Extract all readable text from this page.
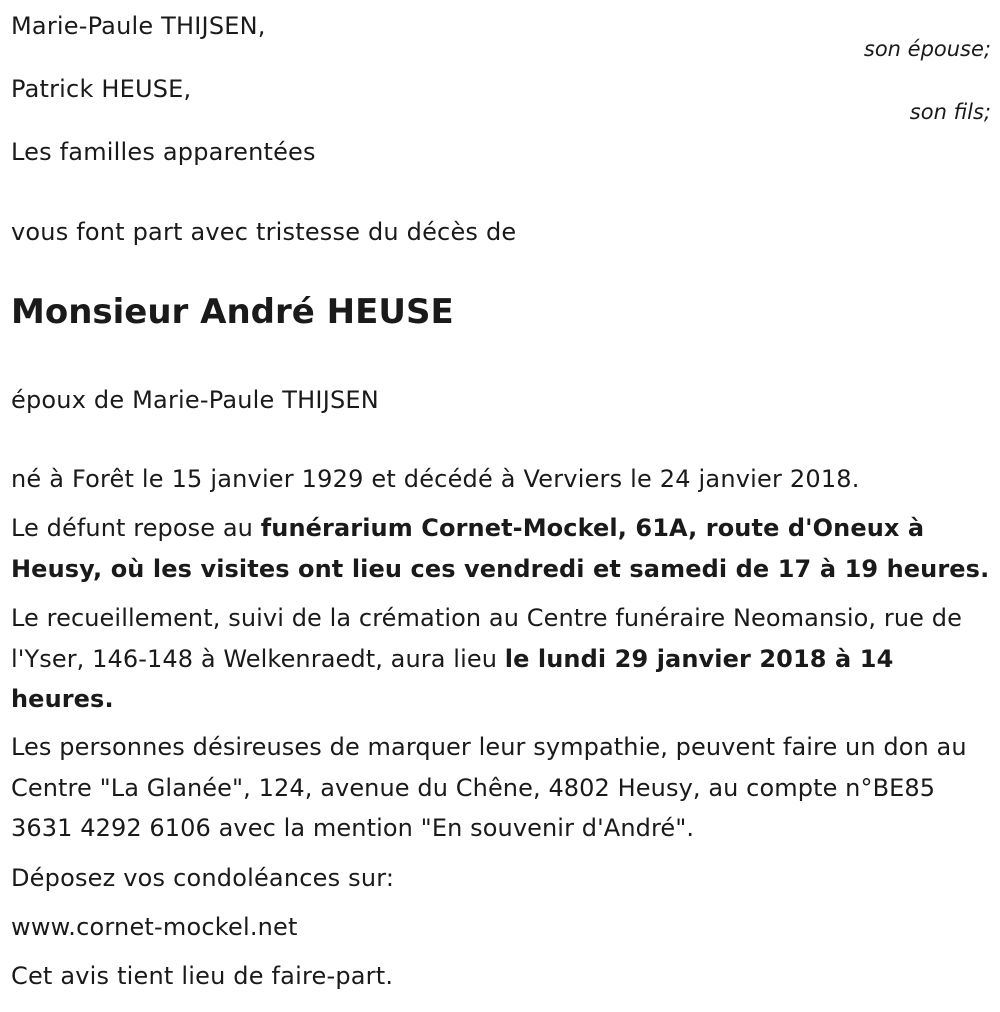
Marie-Paule THIJSEN,
son épouse;
Patrick HEUSE,
son fils;
Les familles apparentées
vous font part avec tristesse du décès de
Monsieur André HEUSE
époux de Marie-Paule THIJSEN
né à Forêt le 15 janvier 1929 et décédé à Verviers le 24 janvier 2018.
Le défunt repose au funérarium Cornet-Mockel, 61A, route d'Oneux à Heusy, où les visites ont lieu ces vendredi et samedi de 17 à 19 heures.
Le recueillement, suivi de la crémation au Centre funéraire Neomansio, rue de l'Yser, 146-148 à Welkenraedt, aura lieu le lundi 29 janvier 2018 à 14 heures.
Les personnes désireuses de marquer leur sympathie, peuvent faire un don au Centre "La Glanée", 124, avenue du Chêne, 4802 Heusy, au compte n°BE85 3631 4292 6106 avec la mention "En souvenir d'André".
Déposez vos condoléances sur:
www.cornet-mockel.net
Cet avis tient lieu de faire-part.
